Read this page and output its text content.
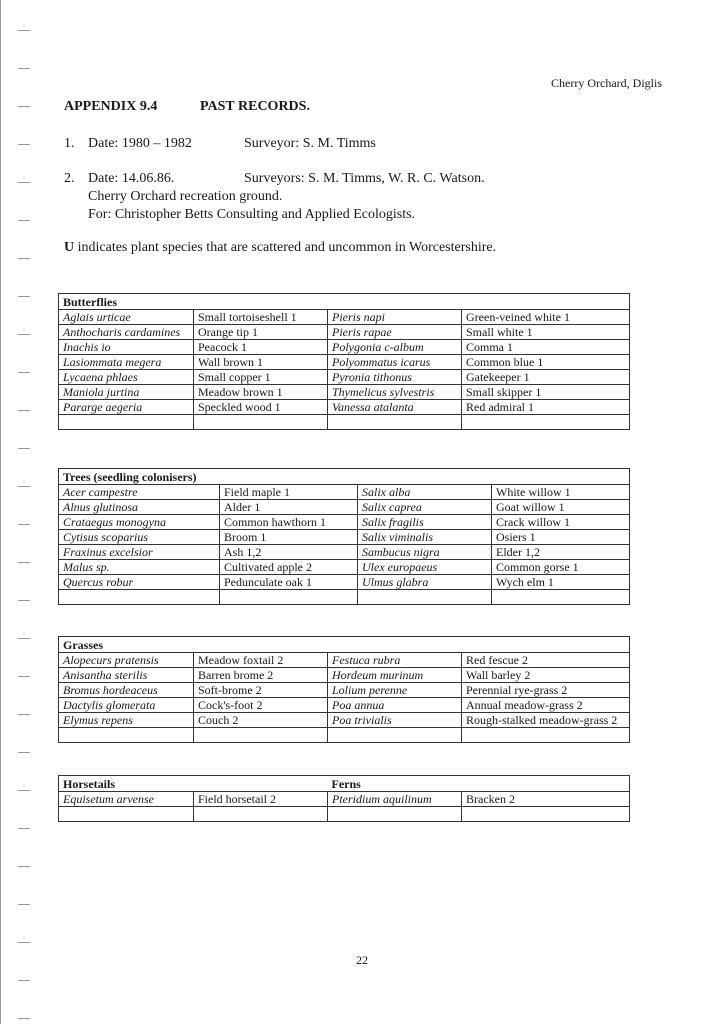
Cherry Orchard, Diglis
APPENDIX 9.4	PAST RECORDS.
1. Date: 1980 – 1982	Surveyor: S. M. Timms
2. Date: 14.06.86.	Surveyors: S. M. Timms, W. R. C. Watson.
Cherry Orchard recreation ground.
For: Christopher Betts Consulting and Applied Ecologists.
U indicates plant species that are scattered and uncommon in Worcestershire.
Butterflies			
Aglais urticae	Small tortoiseshell 1	Pieris napi	Green-veined white 1
Anthocharis cardamines	Orange tip 1	Pieris rapae	Small white 1
Inachis io	Peacock 1	Polygonia c-album	Comma 1
Lasiommata megera	Wall brown 1	Polyommatus icarus	Common blue 1
Lycaena phlaes	Small copper 1	Pyronia tithonus	Gatekeeper 1
Maniola jurtina	Meadow brown 1	Thymelicus sylvestris	Small skipper 1
Pararge aegeria	Speckled wood 1	Vanessa atalanta	Red admiral 1

Trees (seedling colonisers)			
Acer campestre	Field maple 1	Salix alba	White willow 1
Alnus glutinosa	Alder 1	Salix caprea	Goat willow 1
Crataegus monogyna	Common hawthorn 1	Salix fragilis	Crack willow 1
Cytisus scoparius	Broom 1	Salix viminalis	Osiers 1
Fraxinus excelsior	Ash 1,2	Sambucus nigra	Elder 1,2
Malus sp.	Cultivated apple 2	Ulex europaeus	Common gorse 1
Quercus robur	Pedunculate oak 1	Ulmus glabra	Wych elm 1

Grasses			
Alopecurs pratensis	Meadow foxtail 2	Festuca rubra	Red fescue 2
Anisantha sterilis	Barren brome 2	Hordeum murinum	Wall barley 2
Bromus hordeaceus	Soft-brome 2	Lolium perenne	Perennial rye-grass 2
Dactylis glomerata	Cock's-foot 2	Poa annua	Annual meadow-grass 2
Elymus repens	Couch 2	Poa trivialis	Rough-stalked meadow-grass 2

Horsetails		Ferns	
Equisetum arvense	Field horsetail 2	Pteridium aquilinum	Bracken 2

22
